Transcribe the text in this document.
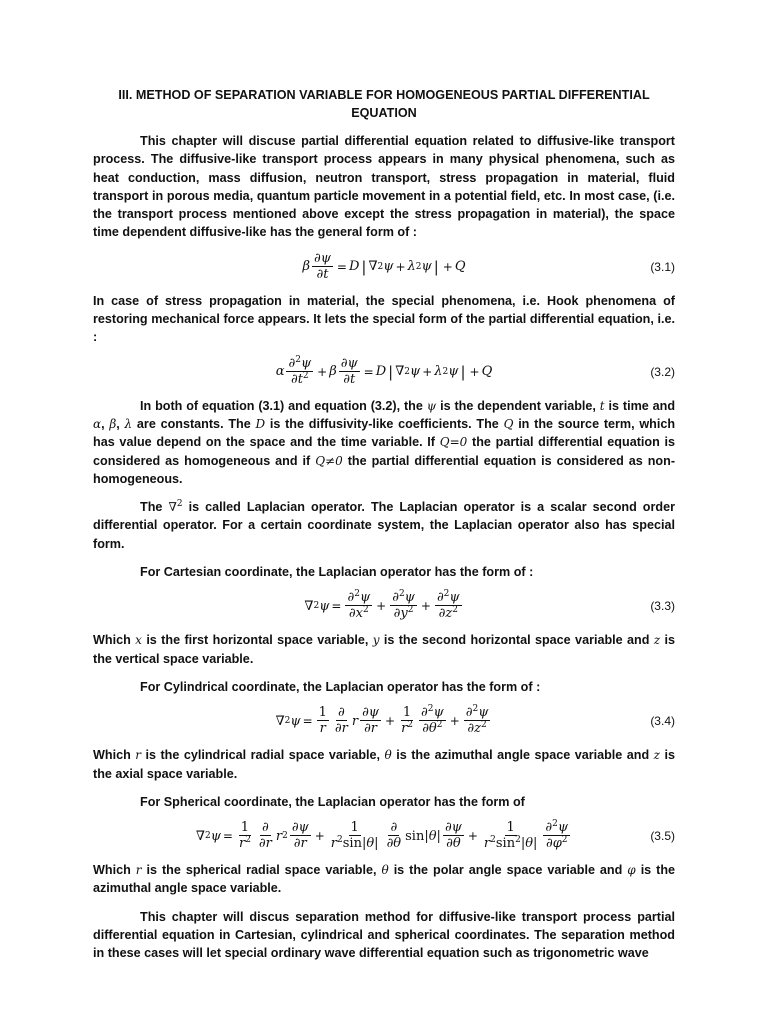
III. METHOD OF SEPARATION VARIABLE FOR HOMOGENEOUS PARTIAL DIFFERENTIAL EQUATION

This chapter will discuse partial differential equation related to diffusive-like transport process. The diffusive-like transport process appears in many physical phenomena, such as heat conduction, mass diffusion, neutron transport, stress propagation in material, fluid transport in porous media, quantum particle movement in a potential field, etc. In most case, (i.e. the transport process mentioned above except the stress propagation in material), the space time dependent diffusive-like has the general form of :

β $\frac{\partial\psi}{\partial t} = D$ | ∇ 2 ψ + λ 2 ψ | + Q	(3.1)

In case of stress propagation in material, the special phenomena, i.e. Hook phenomena of restoring mechanical force appears. It lets the special form of the partial differential equation, i.e. :

α $\frac{\partial^2\psi}{\partial t^2} + \beta \frac{\partial\psi}{\partial t} = D$ | ∇ 2 ψ + λ 2 ψ | + Q	(3.2)

In both of equation (3.1) and equation (3.2), the ψ is the dependent variable, t is time and α, β, λ are constants. The D is the diffusivity-like coefficients. The Q in the source term, which has value depend on the space and the time variable. If Q=0 the partial differential equation is considered as homogeneous and if Q≠0 the partial differential equation is considered as non-homogeneous.

The ∇$^2$ is called Laplacian operator. The Laplacian operator is a scalar second order differential operator. For a certain coordinate system, the Laplacian operator also has special form.

For Cartesian coordinate, the Laplacian operator has the form of :

∇ 2 $\psi = \frac{\partial^2\psi}{\partial x^2} + \frac{\partial^2\psi}{\partial y^2} + \frac{\partial^2\psi}{\partial z^2}$	(3.3)

Which x is the first horizontal space variable, y is the second horizontal space variable and z is the vertical space variable.

For Cylindrical coordinate, the Laplacian operator has the form of :

∇ 2 $\psi = \frac{1}{r} \frac{\partial}{\partial r}$ r $\frac{\partial\psi}{\partial r} + \frac{1}{r^2} \frac{\partial^2\psi}{\partial\theta^2} + \frac{\partial^2\psi}{\partial z^2}$	(3.4)

Which r is the cylindrical radial space variable, θ is the azimuthal angle space variable and z is the axial space variable.

For Spherical coordinate, the Laplacian operator has the form of

∇ 2 $\psi = \frac{1}{r^2} \frac{\partial}{\partial r}$ r $2 \frac{\partial\psi}{\partial r} + \frac{1}{r^2\sin|\theta|} \frac{\partial}{\partial\theta} \sin|$ θ | $\frac{\partial\psi}{\partial\theta} + \frac{1}{r^2\sin^2|\theta|} \frac{\partial^2\psi}{\partial\varphi^2}$	(3.5)

Which r is the spherical radial space variable, θ is the polar angle space variable and φ is the azimuthal angle space variable.

This chapter will discus separation method for diffusive-like transport process partial differential equation in Cartesian, cylindrical and spherical coordinates. The separation method in these cases will let special ordinary wave differential equation such as trigonometric wave
